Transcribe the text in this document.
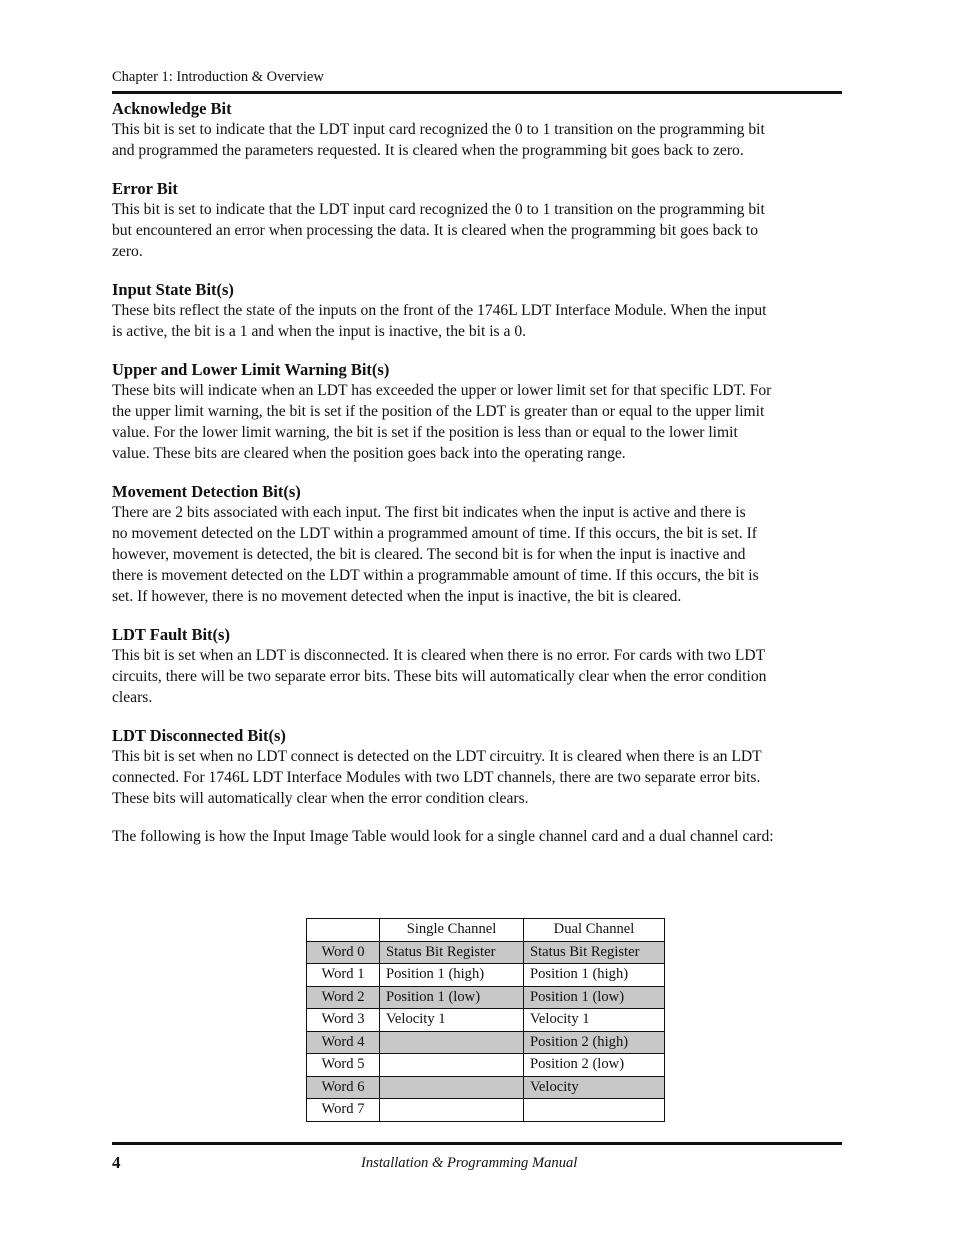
Chapter 1: Introduction & Overview
Acknowledge Bit

This bit is set to indicate that the LDT input card recognized the 0 to 1 transition on the programming bit
and programmed the parameters requested. It is cleared when the programming bit goes back to zero.

Error Bit

This bit is set to indicate that the LDT input card recognized the 0 to 1 transition on the programming bit
but encountered an error when processing the data. It is cleared when the programming bit goes back to
zero.

Input State Bit(s)

These bits reflect the state of the inputs on the front of the 1746L LDT Interface Module. When the input
is active, the bit is a 1 and when the input is inactive, the bit is a 0.

Upper and Lower Limit Warning Bit(s)

These bits will indicate when an LDT has exceeded the upper or lower limit set for that specific LDT. For
the upper limit warning, the bit is set if the position of the LDT is greater than or equal to the upper limit
value. For the lower limit warning, the bit is set if the position is less than or equal to the lower limit
value. These bits are cleared when the position goes back into the operating range.

Movement Detection Bit(s)

There are 2 bits associated with each input. The first bit indicates when the input is active and there is
no movement detected on the LDT within a programmed amount of time. If this occurs, the bit is set. If
however, movement is detected, the bit is cleared. The second bit is for when the input is inactive and
there is movement detected on the LDT within a programmable amount of time. If this occurs, the bit is
set. If however, there is no movement detected when the input is inactive, the bit is cleared.

LDT Fault Bit(s)

This bit is set when an LDT is disconnected. It is cleared when there is no error. For cards with two LDT
circuits, there will be two separate error bits. These bits will automatically clear when the error condition
clears.

LDT Disconnected Bit(s)

This bit is set when no LDT connect is detected on the LDT circuitry. It is cleared when there is an LDT
connected. For 1746L LDT Interface Modules with two LDT channels, there are two separate error bits.
These bits will automatically clear when the error condition clears.

The following is how the Input Image Table would look for a single channel card and a dual channel card:

	Single Channel	Dual Channel
Word 0	Status Bit Register	Status Bit Register
Word 1	Position 1 (high)	Position 1 (high)
Word 2	Position 1 (low)	Position 1 (low)
Word 3	Velocity 1	Velocity 1
Word 4		Position 2 (high)
Word 5		Position 2 (low)
Word 6		Velocity
Word 7		
4	Installation & Programming Manual
